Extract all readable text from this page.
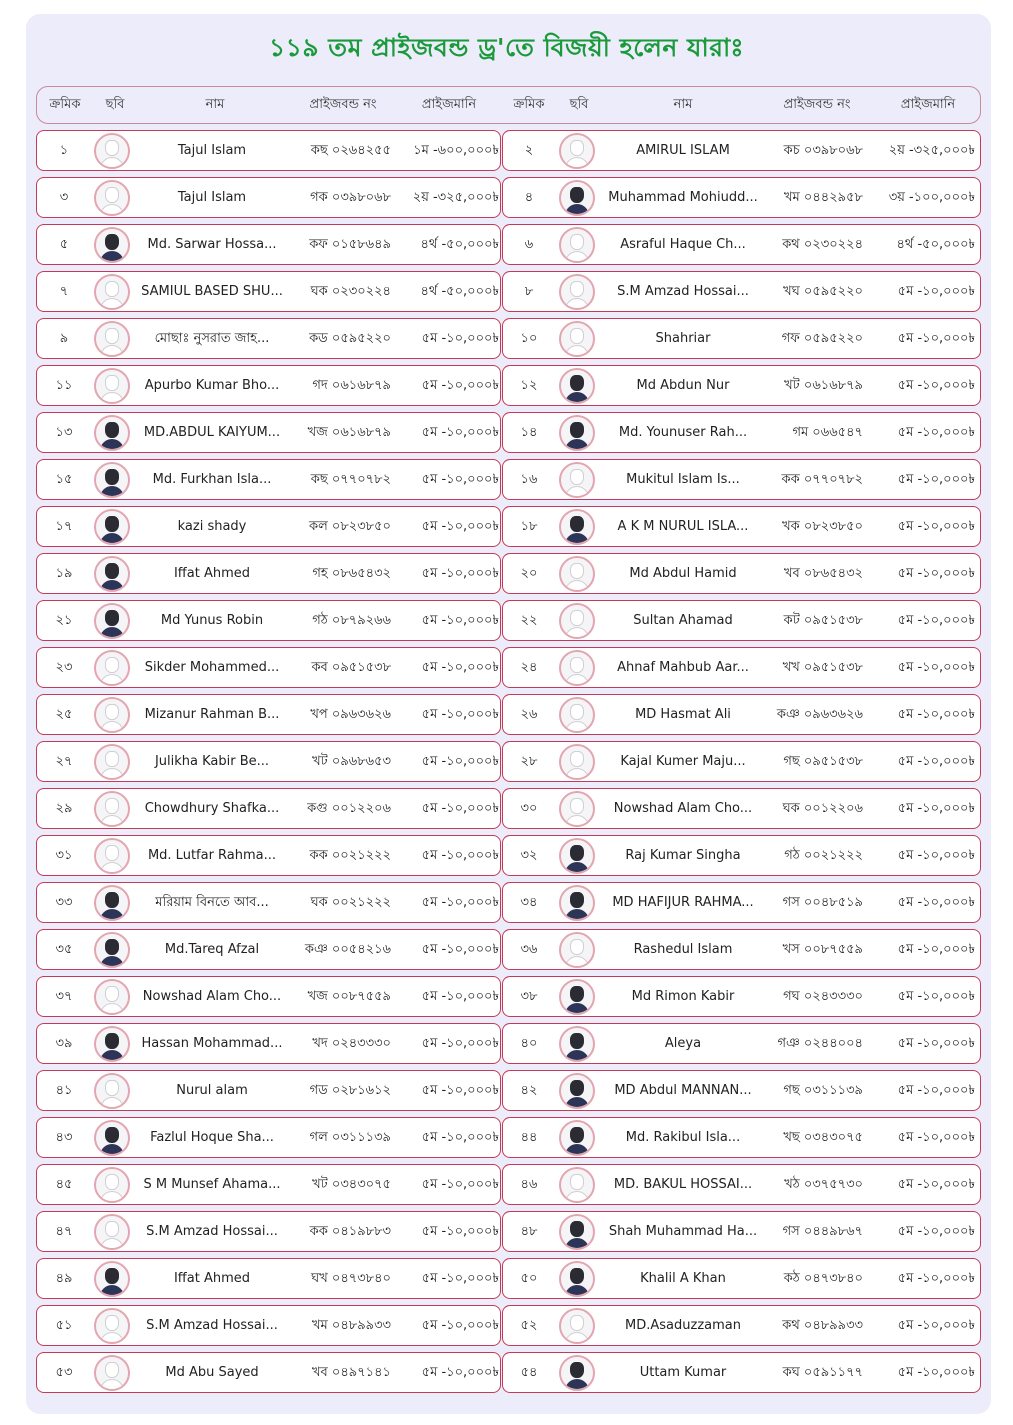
১১৯ তম প্রাইজবন্ড ড্র'তে বিজয়ী হলেন যারাঃ
ক্রমিক	ছবি	নাম	প্রাইজবন্ড নং	প্রাইজমানি	ক্রমিক	ছবি	নাম	প্রাইজবন্ড নং	প্রাইজমানি
১	Tajul Islam	কছ ০২৬৪২৫৫	১ম -৬০০,০০০৳	২	AMIRUL ISLAM	কচ ০৩৯৮০৬৮	২য় -৩২৫,০০০৳
৩	Tajul Islam	গক ০৩৯৮০৬৮	২য় -৩২৫,০০০৳	৪	Muhammad Mohiudd...	খম ০৪৪২৯৫৮	৩য় -১০০,০০০৳
৫	Md. Sarwar Hossa...	কফ ০১৫৮৬৪৯	৪র্থ -৫০,০০০৳	৬	Asraful Haque Ch...	কথ ০২৩০২২৪	৪র্থ -৫০,০০০৳
৭	SAMIUL BASED SHU...	ঘক ০২৩০২২৪	৪র্থ -৫০,০০০৳	৮	S.M Amzad Hossai...	খঘ ০৫৯৫২২০	৫ম -১০,০০০৳
৯	মোছাঃ নুসরাত জাহ...	কড ০৫৯৫২২০	৫ম -১০,০০০৳	১০	Shahriar	গফ ০৫৯৫২২০	৫ম -১০,০০০৳
১১	Apurbo Kumar Bho...	গদ ০৬১৬৮৭৯	৫ম -১০,০০০৳	১২	Md Abdun Nur	খট ০৬১৬৮৭৯	৫ম -১০,০০০৳
১৩	MD.ABDUL KAIYUM...	খজ ০৬১৬৮৭৯	৫ম -১০,০০০৳	১৪	Md. Younuser Rah...	গম ০৬৬৫৪৭	৫ম -১০,০০০৳
১৫	Md. Furkhan Isla...	কছ ০৭৭০৭৮২	৫ম -১০,০০০৳	১৬	Mukitul Islam Is...	কক ০৭৭০৭৮২	৫ম -১০,০০০৳
১৭	kazi shady	কল ০৮২৩৮৫০	৫ম -১০,০০০৳	১৮	A K M NURUL ISLA...	খক ০৮২৩৮৫০	৫ম -১০,০০০৳
১৯	Iffat Ahmed	গহ ০৮৬৫৪৩২	৫ম -১০,০০০৳	২০	Md Abdul Hamid	খব ০৮৬৫৪৩২	৫ম -১০,০০০৳
২১	Md Yunus Robin	গঠ ০৮৭৯২৬৬	৫ম -১০,০০০৳	২২	Sultan Ahamad	কট ০৯৫১৫৩৮	৫ম -১০,০০০৳
২৩	Sikder Mohammed...	কব ০৯৫১৫৩৮	৫ম -১০,০০০৳	২৪	Ahnaf Mahbub Aar...	খখ ০৯৫১৫৩৮	৫ম -১০,০০০৳
২৫	Mizanur Rahman B...	খপ ০৯৬৩৬২৬	৫ম -১০,০০০৳	২৬	MD Hasmat Ali	কঞ ০৯৬৩৬২৬	৫ম -১০,০০০৳
২৭	Julikha Kabir Be...	খট ০৯৬৮৬৫৩	৫ম -১০,০০০৳	২৮	Kajal Kumer Maju...	গছ ০৯৫১৫৩৮	৫ম -১০,০০০৳
২৯	Chowdhury Shafka...	কগু ০০১২২০৬	৫ম -১০,০০০৳	৩০	Nowshad Alam Cho...	ঘক ০০১২২০৬	৫ম -১০,০০০৳
৩১	Md. Lutfar Rahma...	কক ০০২১২২২	৫ম -১০,০০০৳	৩২	Raj Kumar Singha	গঠ ০০২১২২২	৫ম -১০,০০০৳
৩৩	মরিয়াম বিনতে আব...	ঘক ০০২১২২২	৫ম -১০,০০০৳	৩৪	MD HAFIJUR RAHMA...	গস ০০৪৮৫১৯	৫ম -১০,০০০৳
৩৫	Md.Tareq Afzal	কঞ ০০৫৪২১৬	৫ম -১০,০০০৳	৩৬	Rashedul Islam	খস ০০৮৭৫৫৯	৫ম -১০,০০০৳
৩৭	Nowshad Alam Cho...	খজ ০০৮৭৫৫৯	৫ম -১০,০০০৳	৩৮	Md Rimon Kabir	গঘ ০২৪৩৩৩০	৫ম -১০,০০০৳
৩৯	Hassan Mohammad...	খদ ০২৪৩৩৩০	৫ম -১০,০০০৳	৪০	Aleya	গঞ ০২৪৪০০৪	৫ম -১০,০০০৳
৪১	Nurul alam	গড ০২৮১৬১২	৫ম -১০,০০০৳	৪২	MD Abdul MANNAN...	গছ ০৩১১১৩৯	৫ম -১০,০০০৳
৪৩	Fazlul Hoque Sha...	গল ০৩১১১৩৯	৫ম -১০,০০০৳	৪৪	Md. Rakibul Isla...	খছ ০৩৪৩০৭৫	৫ম -১০,০০০৳
৪৫	S M Munsef Ahama...	খট ০৩৪৩০৭৫	৫ম -১০,০০০৳	৪৬	MD. BAKUL HOSSAI...	খঠ ০৩৭৫৭৩০	৫ম -১০,০০০৳
৪৭	S.M Amzad Hossai...	কক ০৪১৯৮৮৩	৫ম -১০,০০০৳	৪৮	Shah Muhammad Ha...	গস ০৪৪৯৮৬৭	৫ম -১০,০০০৳
৪৯	Iffat Ahmed	ঘখ ০৪৭৩৮৪০	৫ম -১০,০০০৳	৫০	Khalil A Khan	কঠ ০৪৭৩৮৪০	৫ম -১০,০০০৳
৫১	S.M Amzad Hossai...	খম ০৪৮৯৯৩৩	৫ম -১০,০০০৳	৫২	MD.Asaduzzaman	কথ ০৪৮৯৯৩৩	৫ম -১০,০০০৳
৫৩	Md Abu Sayed	খব ০৪৯৭১৪১	৫ম -১০,০০০৳	৫৪	Uttam Kumar	কঘ ০৫৯১১৭৭	৫ম -১০,০০০৳
